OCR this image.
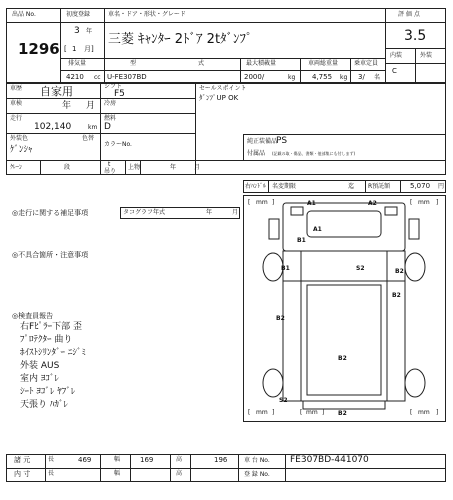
出品 No.
1296
初度登録	車名・ドア・形状・グレード
3 年
[ 1 月]
三菱 ｷｬﾝﾀｰ 2ﾄﾞｱ 2tﾀﾞﾝﾌﾟ
排気量
4210 cc
型	式
U-FE307BD
最大積載量
2000/	kg
車両総重量
4,755 kg
乗車定員
3/ 名
評 価 点
3.5
内装	外装
C
車歴 自家用	シフト
F5
車検	年 月 冷房
走行
102,140	km
燃料
D
外装色
ｹﾞﾝｼｬ
色替
カラーNo.
ｸﾚｰﾝ	段	t
吊り
上物	年	月
セールスポイント
ﾀﾞﾝﾌﾟUP OK
純正装備品
PS
付属品 (記載の取・傷品、書類・他部集にも付しまず)
右ﾊﾝﾄﾞﾙ 名変期限	迄 R預託額	5,070 円
◎走行に関する補足事項	タコグラフ年式	年	月
◎不具合箇所・注意事項
◎検査員報告
右Fﾋﾟﾗｰ下部 歪
ﾌﾟﾛﾃｸﾀｰ 曲り
ﾎｲｽﾄｼﾘﾝﾀﾞｰ ﾆｼﾞﾐ
外装 AUS
室内 ﾖｺﾞﾚ
ｼｰﾄ ﾖｺﾞﾚ ﾔﾌﾞﾚ
天張り ﾊｶﾞﾚ
[ mm ]	[ mm ]
[ mm ]	[ mm ]	[ mm ]
A1	A2
A1
B1
B1	S2	B2
B2
B2
B2
S2
B2
諸 元
内 寸
長	469	幅	169	高	196
長	幅	高
車 台 No. FE307BD-441070
登 録 No.
